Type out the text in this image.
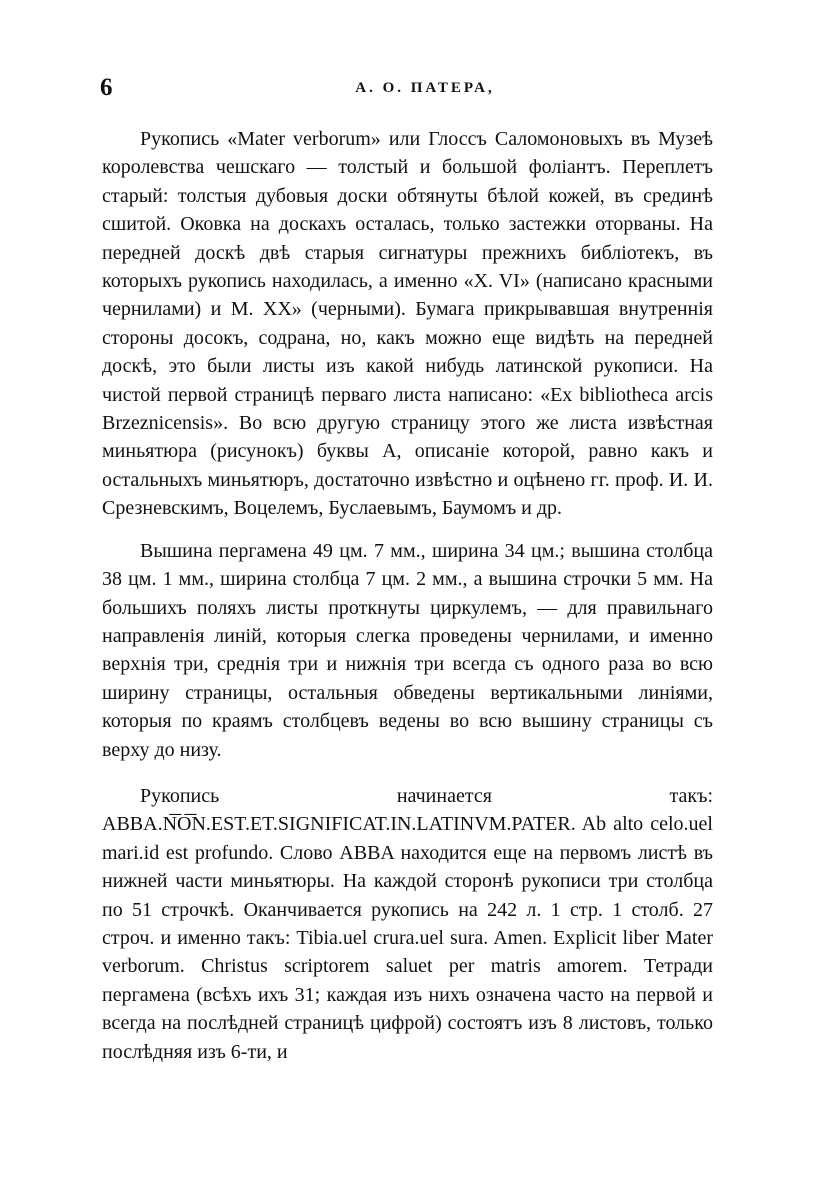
6	А. О. ПАТЕРА,

Рукопись «Mater verborum» или Глоссъ Саломоновыхъ въ Музеѣ королевства чешскаго — толстый и большой фоліантъ. Переплетъ старый: толстыя дубовыя доски обтянуты бѣлой кожей, въ срединѣ сшитой. Оковка на доскахъ осталась, только застежки оторваны. На передней доскѣ двѣ старыя сигнатуры прежнихъ библіотекъ, въ которыхъ рукопись находилась, а именно «X. VI» (написано красными чернилами) и M. XX» (черными). Бумага прикрывавшая внутреннія стороны досокъ, содрана, но, какъ можно еще видѣть на передней доскѣ, это были листы изъ какой нибудь латинской рукописи. На чистой первой страницѣ перваго листа написано: «Ex bibliotheca arcis Brzeznicensis». Во всю другую страницу этого же листа извѣстная миньятюра (рисунокъ) буквы A, описаніе которой, равно какъ и остальныхъ миньятюръ, достаточно извѣстно и оцѣнено гг. проф. И. И. Срезневскимъ, Воцелемъ, Буслаевымъ, Баумомъ и др.

Вышина пергамена 49 цм. 7 мм., ширина 34 цм.; вышина столбца 38 цм. 1 мм., ширина столбца 7 цм. 2 мм., а вышина строчки 5 мм. На большихъ поляхъ листы проткнуты циркулемъ, — для правильнаго направленія линій, которыя слегка проведены чернилами, и именно верхнія три, среднія три и нижнія три всегда съ одного раза во всю ширину страницы, остальныя обведены вертикальными линіями, которыя по краямъ столбцевъ ведены во всю вышину страницы съ верху до низу.

Рукопись начинается такъ: ABBA.N͞O͞N.EST.ET.SIGNIFICAT.IN.LATINVM.PATER. Ab alto celo.uel mari.id est profundo. Слово ABBA находится еще на первомъ листѣ въ нижней части миньятюры. На каждой сторонѣ рукописи три столбца по 51 строчкѣ. Оканчивается рукопись на 242 л. 1 стр. 1 столб. 27 строч. и именно такъ: Tibia.uel crura.uel sura. Amen. Explicit liber Mater verborum. Christus scriptorem saluet per matris amorem. Тетради пергамена (всѣхъ ихъ 31; каждая изъ нихъ означена часто на первой и всегда на послѣдней страницѣ цифрой) состоятъ изъ 8 листовъ, только послѣдняя изъ 6-ти, и
